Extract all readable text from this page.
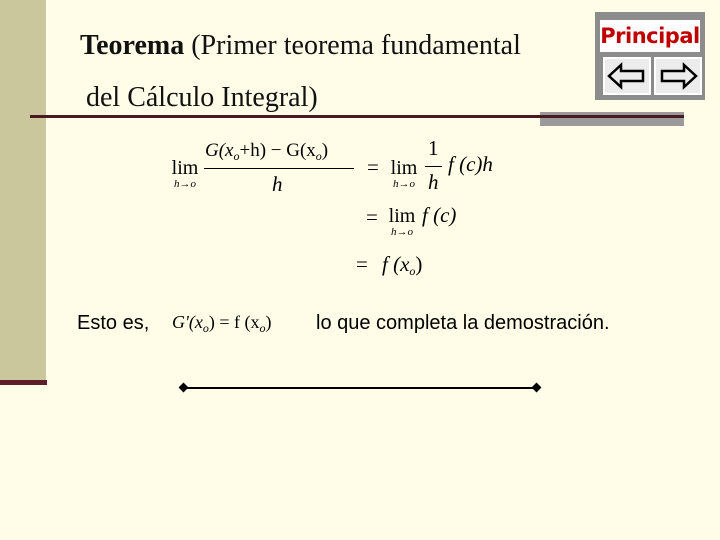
Teorema (Primer teorema fundamental
del Cálculo Integral)
Principal
lim
h→o
$G(x_o+h) - G(x_o)$
h
= lim
h→o
1
h
f (c)h
= lim
h→o
f (c)
= f (xo)
Esto es, $G'(x_o) = f$ $(x_o)$ lo que completa la demostración.
